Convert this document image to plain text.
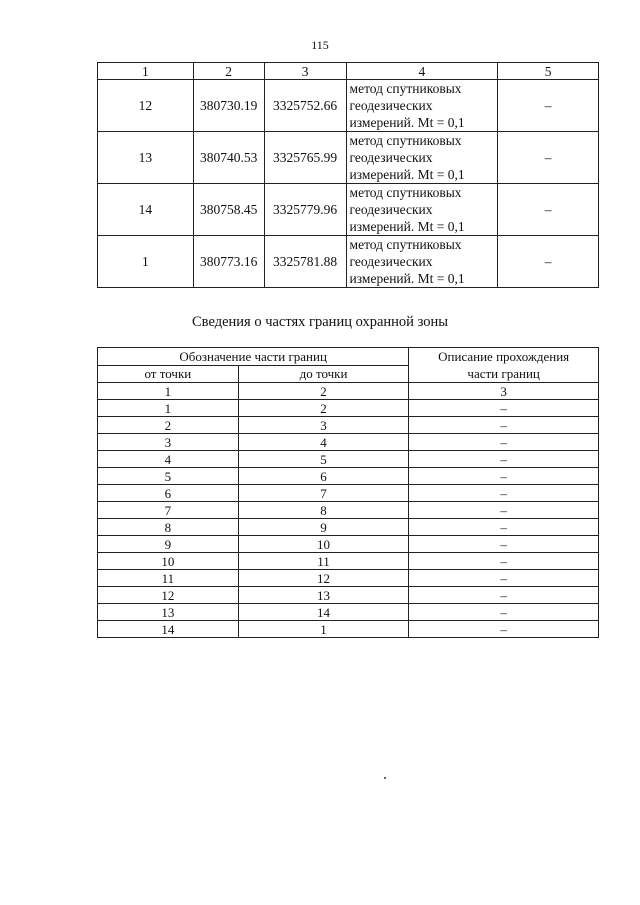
115
1	2	3	4	5
12	380730.19	3325752.66	метод спутниковых
геодезических
измерений. Mt = 0,1	–
13	380740.53	3325765.99	метод спутниковых
геодезических
измерений. Mt = 0,1	–
14	380758.45	3325779.96	метод спутниковых
геодезических
измерений. Mt = 0,1	–
1	380773.16	3325781.88	метод спутниковых
геодезических
измерений. Mt = 0,1	–
Сведения о частях границ охранной зоны
Обозначение части границ		Описание прохождения
части границ

от точки	до точки	
1	2	3
1	2	–
2	3	–
3	4	–
4	5	–
5	6	–
6	7	–
7	8	–
8	9	–
9	10	–
10	11	–
11	12	–
12	13	–
13	14	–
14	1	–
